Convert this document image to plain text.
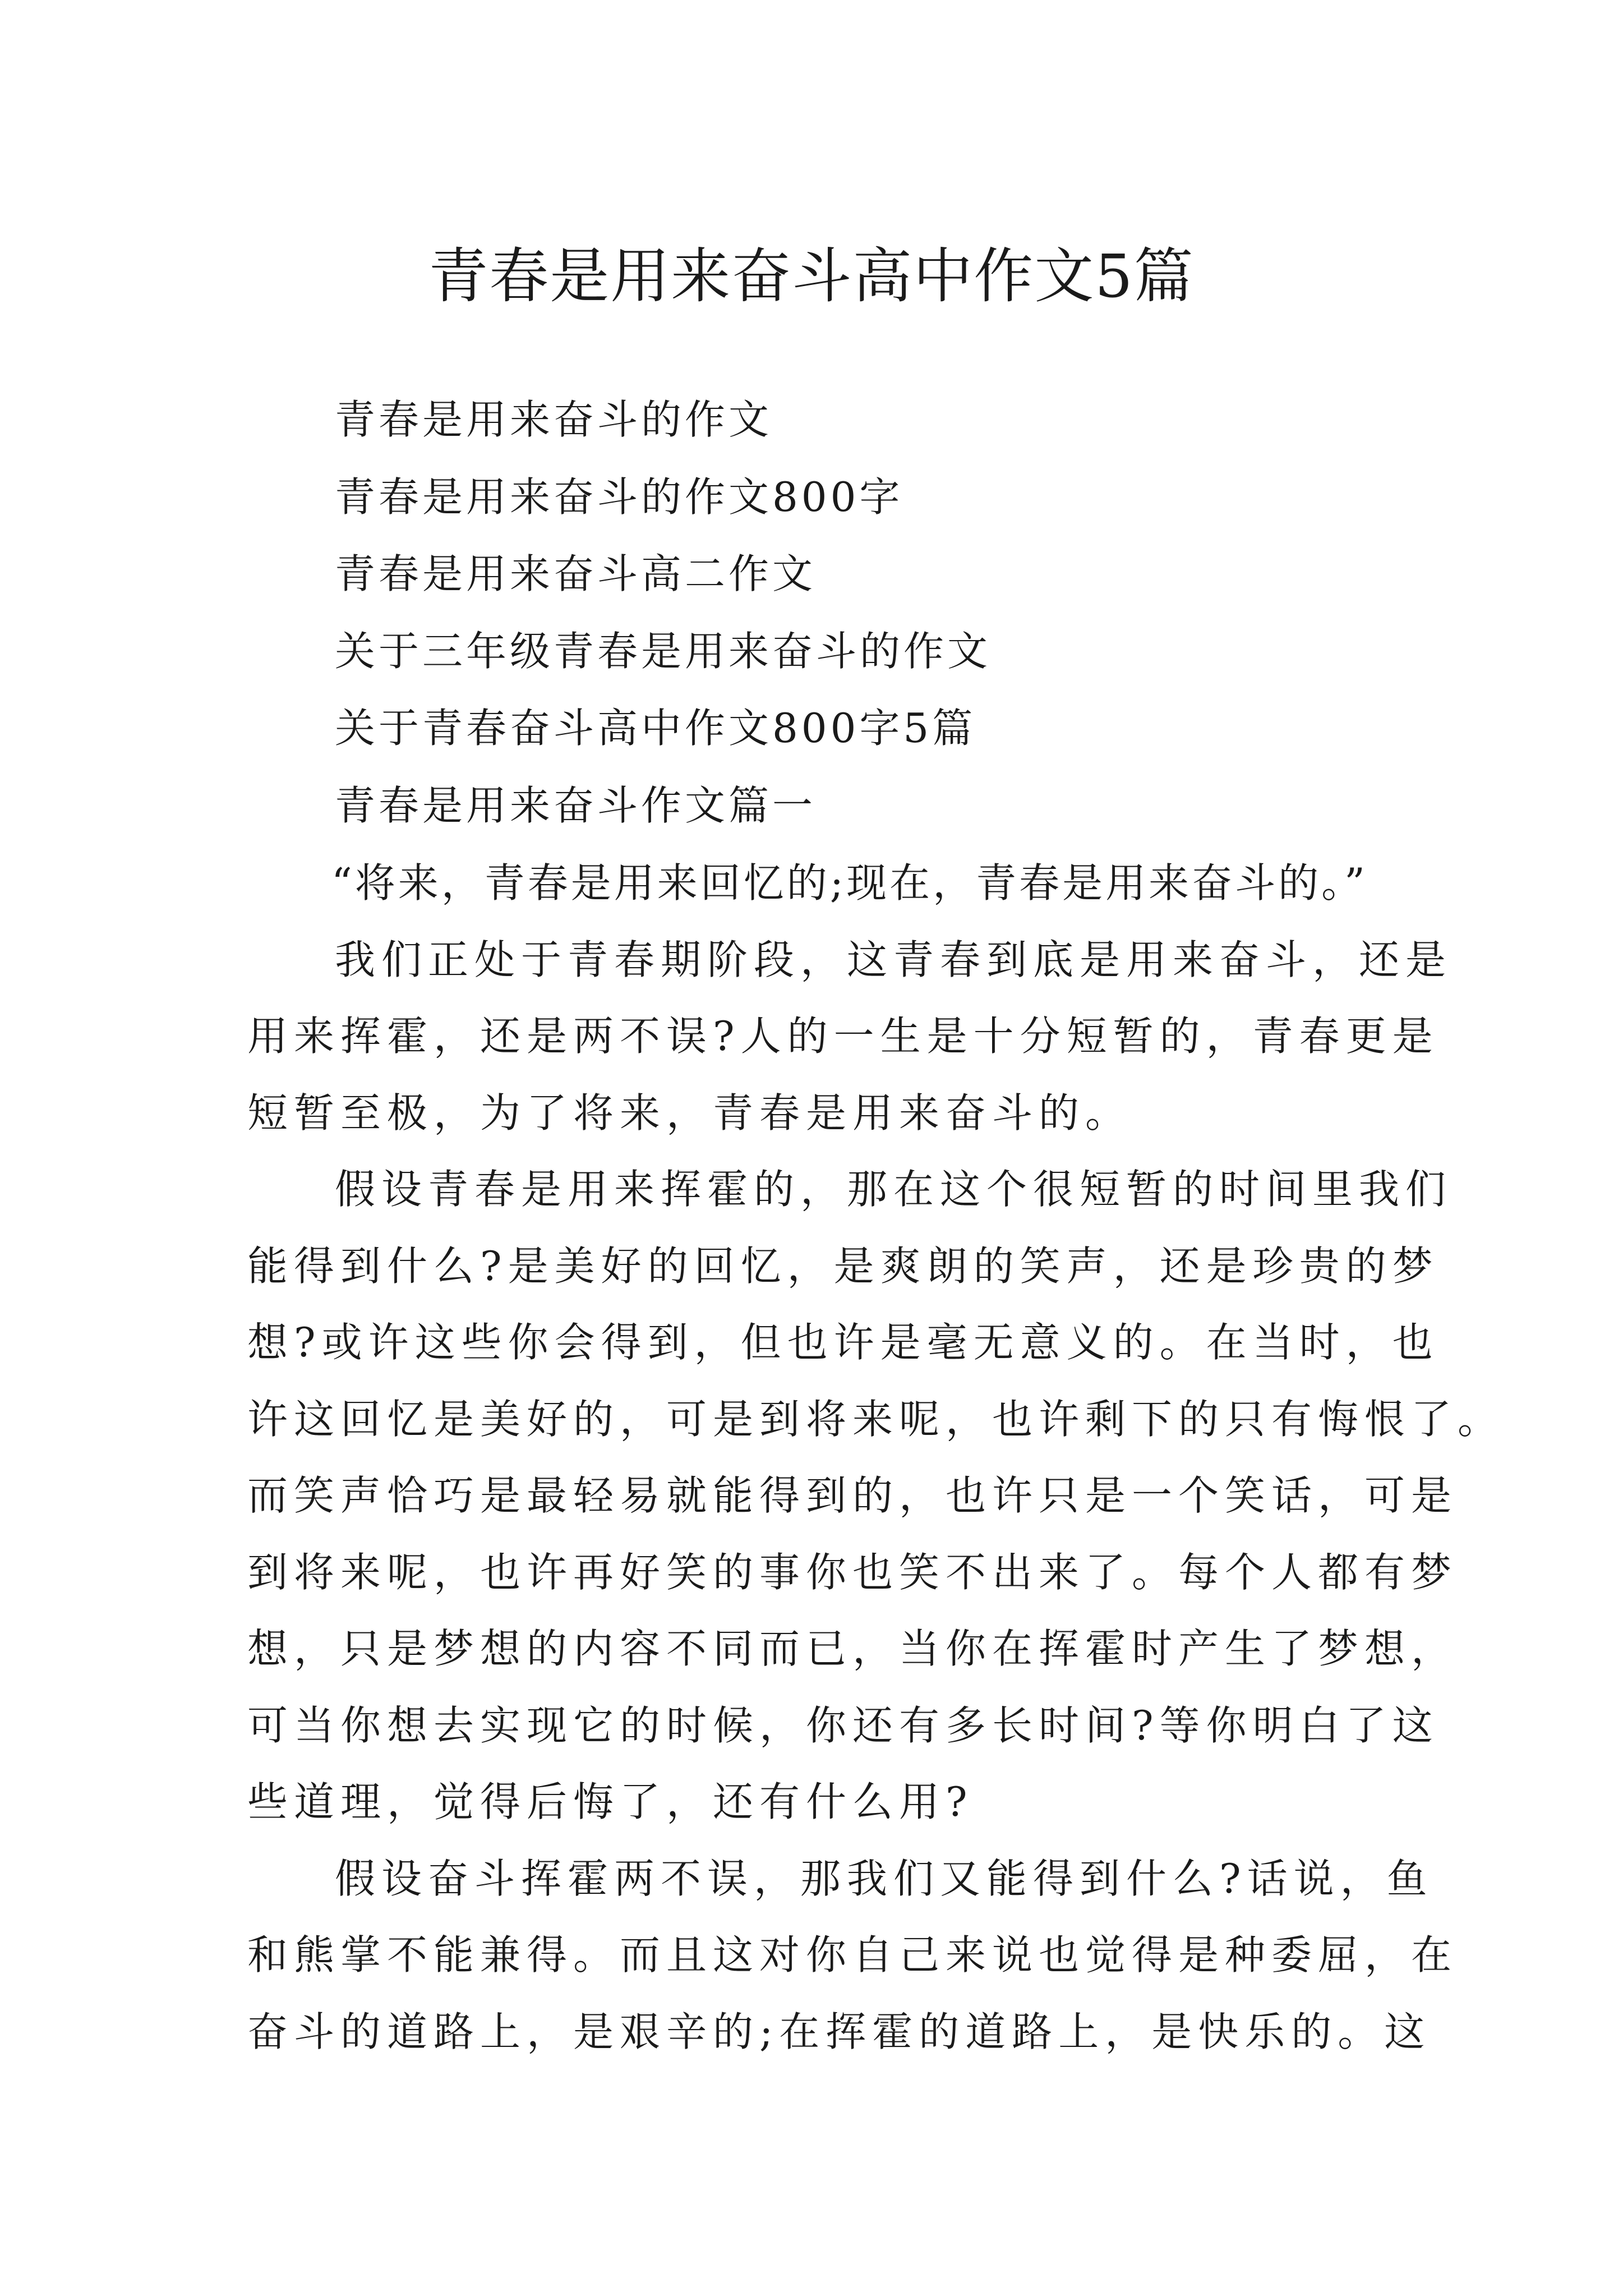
青春是用来奋斗高中作文5篇
青春是用来奋斗的作文
青春是用来奋斗的作文800字
青春是用来奋斗高二作文
关于三年级青春是用来奋斗的作文
关于青春奋斗高中作文800字5篇
青春是用来奋斗作文篇一
“将来，青春是用来回忆的;现在，青春是用来奋斗的。”
我们正处于青春期阶段，这青春到底是用来奋斗，还是
用来挥霍，还是两不误?人的一生是十分短暂的，青春更是
短暂至极，为了将来，青春是用来奋斗的。
假设青春是用来挥霍的，那在这个很短暂的时间里我们
能得到什么?是美好的回忆，是爽朗的笑声，还是珍贵的梦
想?或许这些你会得到，但也许是毫无意义的。在当时，也
许这回忆是美好的，可是到将来呢，也许剩下的只有悔恨了。
而笑声恰巧是最轻易就能得到的，也许只是一个笑话，可是
到将来呢，也许再好笑的事你也笑不出来了。每个人都有梦
想，只是梦想的内容不同而已，当你在挥霍时产生了梦想，
可当你想去实现它的时候，你还有多长时间?等你明白了这
些道理，觉得后悔了，还有什么用?
假设奋斗挥霍两不误，那我们又能得到什么?话说，鱼
和熊掌不能兼得。而且这对你自己来说也觉得是种委屈，在
奋斗的道路上，是艰辛的;在挥霍的道路上，是快乐的。这
